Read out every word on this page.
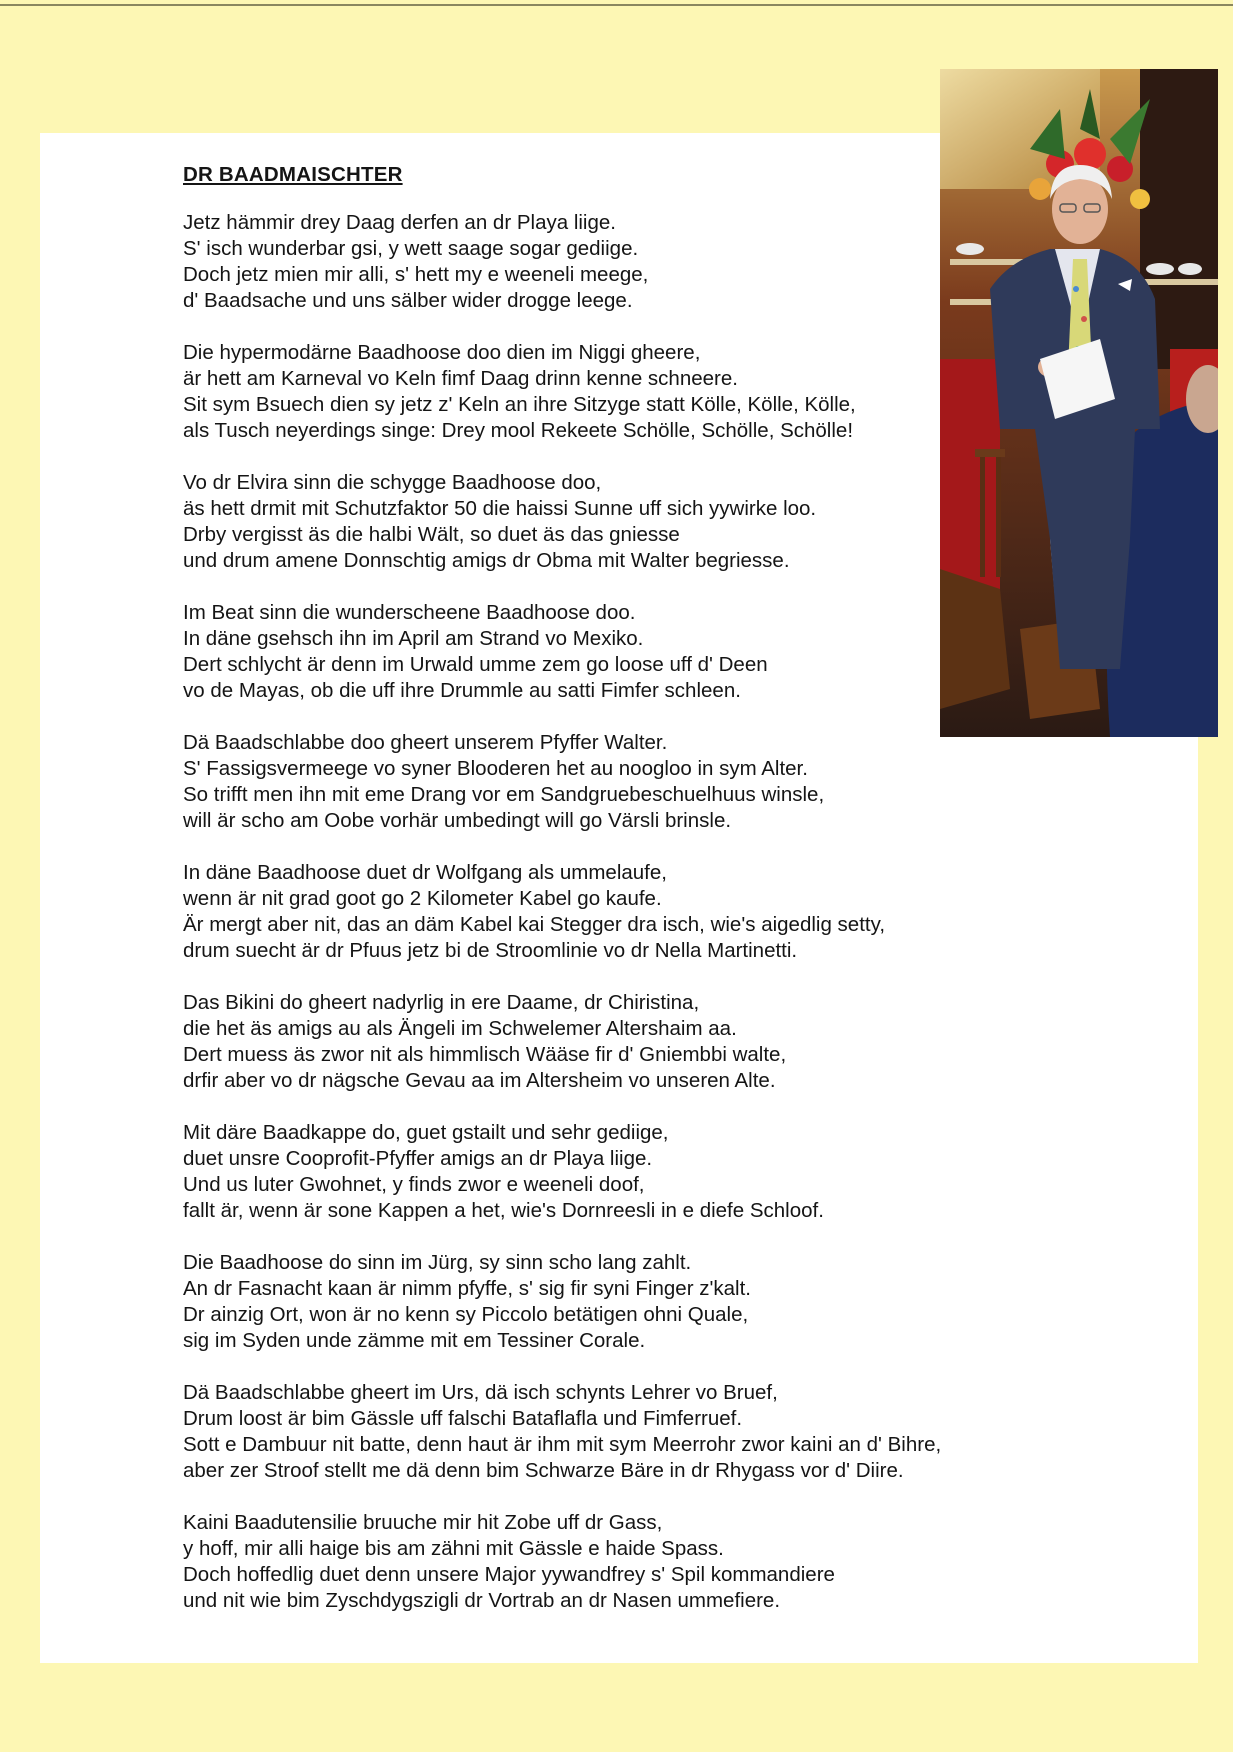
DR BAADMAISCHTER
Jetz hämmir drey Daag derfen an dr Playa liige.
S' isch wunderbar gsi, y wett saage sogar gediige.
Doch jetz mien mir alli, s' hett my e weeneli meege,
d' Baadsache und uns sälber wider drogge leege.
Die hypermodärne Baadhoose doo dien im Niggi gheere,
är hett am Karneval vo Keln fimf Daag drinn kenne schneere.
Sit sym Bsuech dien sy jetz z' Keln an ihre Sitzyge statt Kölle, Kölle, Kölle,
als Tusch neyerdings singe: Drey mool Rekeete Schölle, Schölle, Schölle!
Vo dr Elvira sinn die schygge Baadhoose doo,
äs hett drmit mit Schutzfaktor 50 die haissi Sunne uff sich yywirke loo.
Drby vergisst äs die halbi Wält, so duet äs das gniesse
und drum amene Donnschtig amigs dr Obma mit Walter begriesse.
Im Beat sinn die wunderscheene Baadhoose doo.
In däne gsehsch ihn im April am Strand vo Mexiko.
Dert schlycht är denn im Urwald umme zem go loose uff d' Deen
vo de Mayas, ob die uff ihre Drummle au satti Fimfer schleen.
Dä Baadschlabbe doo gheert unserem Pfyffer Walter.
S' Fassigsvermeege vo syner Blooderen het au noogloo in sym Alter.
So trifft men ihn mit eme Drang vor em Sandgruebeschuelhuus winsle,
will är scho am Oobe vorhär umbedingt will go Värsli brinsle.
In däne Baadhoose duet dr Wolfgang als ummelaufe,
wenn är nit grad goot go 2 Kilometer Kabel go kaufe.
Är mergt aber nit, das an däm Kabel kai Stegger dra isch, wie's aigedlig setty,
drum suecht är dr Pfuus jetz bi de Stroomlinie vo dr Nella Martinetti.
Das Bikini do gheert nadyrlig in ere Daame, dr Chiristina,
die het äs amigs au als Ängeli im Schwelemer Altershaim aa.
Dert muess äs zwor nit als himmlisch Wääse fir d' Gniembbi walte,
drfir aber vo dr nägsche Gevau aa im Altersheim vo unseren Alte.
Mit däre Baadkappe do, guet gstailt und sehr gediige,
duet unsre Cooprofit-Pfyffer amigs an dr Playa liige.
Und us luter Gwohnet, y finds zwor e weeneli doof,
fallt är, wenn är sone Kappen a het, wie's Dornreesli in e diefe Schloof.
Die Baadhoose do sinn im Jürg, sy sinn scho lang zahlt.
An dr Fasnacht kaan är nimm pfyffe, s' sig fir syni Finger z'kalt.
Dr ainzig Ort, won är no kenn sy Piccolo betätigen ohni Quale,
sig im Syden unde zämme mit em Tessiner Corale.
Dä Baadschlabbe gheert im Urs, dä isch schynts Lehrer vo Bruef,
Drum loost är bim Gässle uff falschi Bataflafla und Fimferruef.
Sott e Dambuur nit batte, denn haut är ihm mit sym Meerrohr zwor kaini an d' Bihre,
aber zer Stroof stellt me dä denn bim Schwarze Bäre in dr Rhygass vor d' Diire.
Kaini Baadutensilie bruuche mir hit Zobe uff dr Gass,
y hoff, mir alli haige bis am zähni mit Gässle e haide Spass.
Doch hoffedlig duet denn unsere Major yywandfrey s' Spil kommandiere
und nit wie bim Zyschdygszigli dr Vortrab an dr Nasen ummefiere.
